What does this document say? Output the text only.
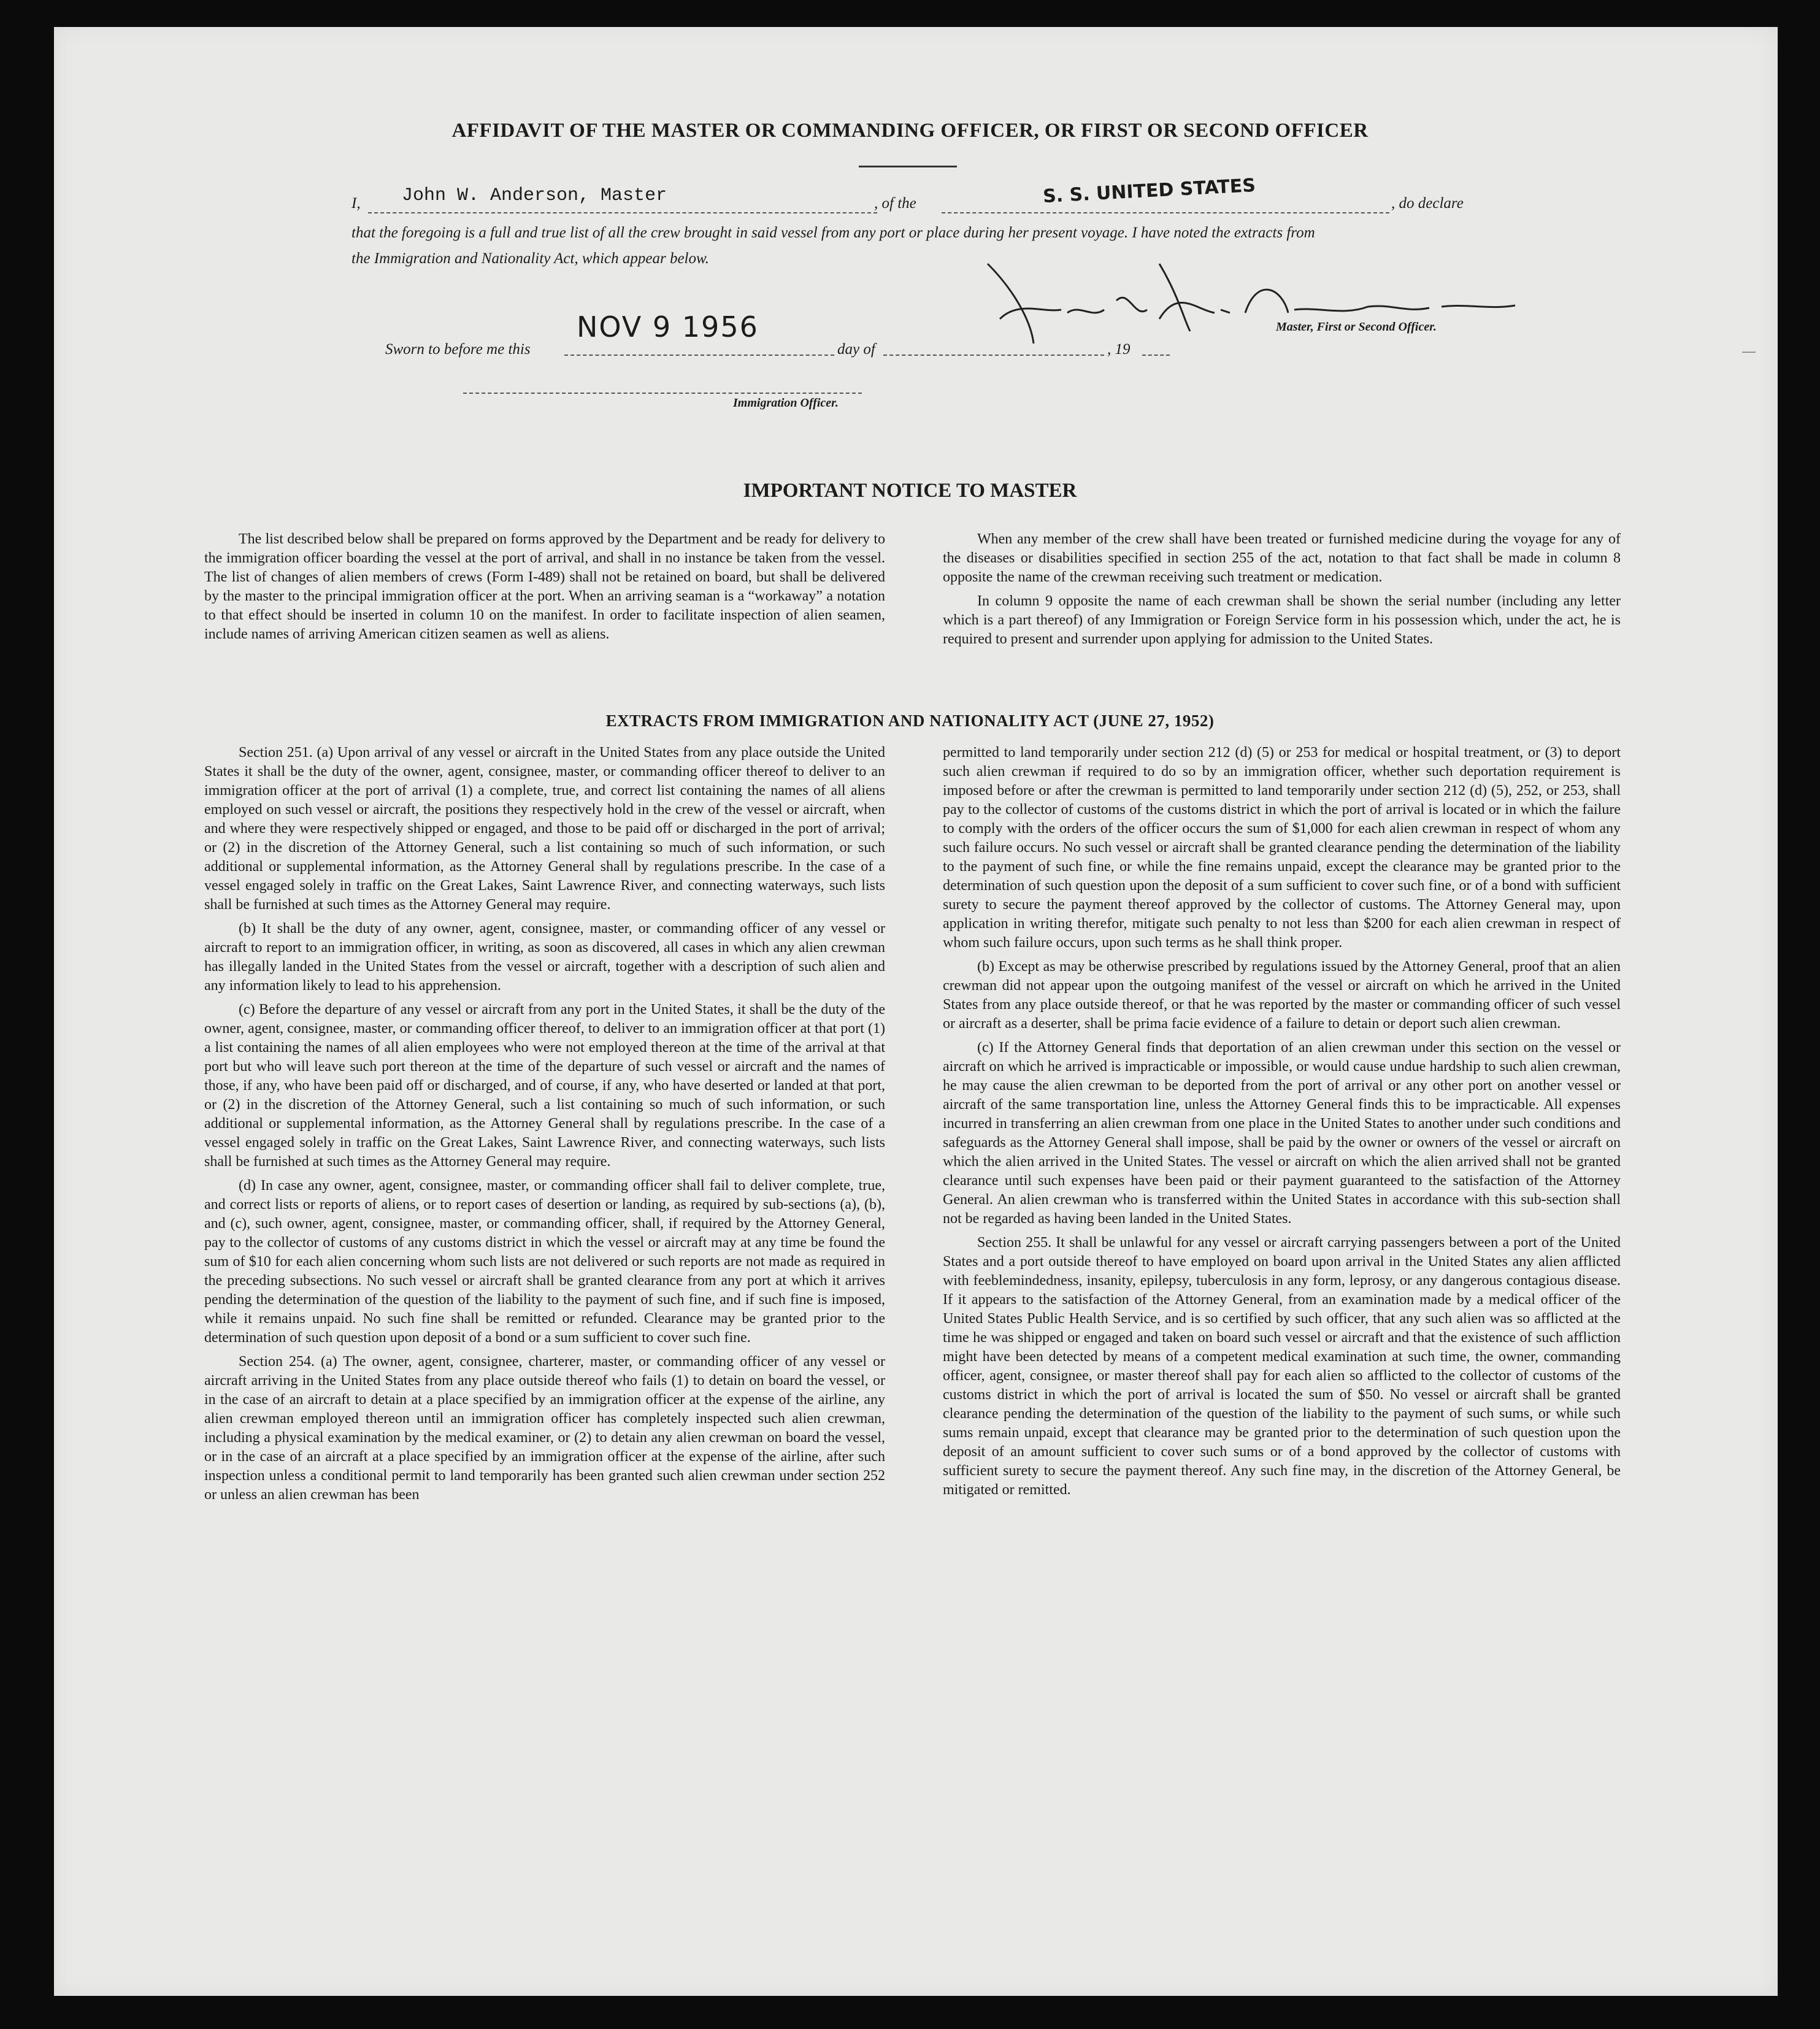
—
AFFIDAVIT OF THE MASTER OR COMMANDING OFFICER, OR FIRST OR SECOND OFFICER
I, John W. Anderson, Master	, of the	S. S. UNITED STATES	, do declare
that the foregoing is a full and true list of all the crew brought in said vessel from any port or place during her present voyage. I have noted the extracts from
the Immigration and Nationality Act, which appear below.
Master, First or Second Officer.
Sworn to before me this
NOV 9 1956
day of	, 19
Immigration Officer.
IMPORTANT NOTICE TO MASTER

The list described below shall be prepared on forms approved by the Department and be ready for delivery to the immigration officer boarding the vessel at the port of arrival, and shall in no instance be taken from the vessel. The list of changes of alien members of crews (Form I-489) shall not be retained on board, but shall be delivered by the master to the principal immigration officer at the port. When an arriving seaman is a “workaway” a notation to that effect should be inserted in column 10 on the manifest. In order to facilitate inspection of alien seamen, include names of arriving American citizen seamen as well as aliens.

When any member of the crew shall have been treated or furnished medicine during the voyage for any of the diseases or disabilities specified in section 255 of the act, notation to that fact shall be made in column 8 opposite the name of the crewman receiving such treatment or medication.

In column 9 opposite the name of each crewman shall be shown the serial number (including any letter which is a part thereof) of any Immigration or Foreign Service form in his possession which, under the act, he is required to present and surrender upon applying for admission to the United States.

EXTRACTS FROM IMMIGRATION AND NATIONALITY ACT (JUNE 27, 1952)

Section 251. (a) Upon arrival of any vessel or aircraft in the United States from any place outside the United States it shall be the duty of the owner, agent, consignee, master, or commanding officer thereof to deliver to an immigration officer at the port of arrival (1) a complete, true, and correct list containing the names of all aliens employed on such vessel or aircraft, the positions they respectively hold in the crew of the vessel or aircraft, when and where they were respectively shipped or engaged, and those to be paid off or discharged in the port of arrival; or (2) in the discretion of the Attorney General, such a list containing so much of such information, or such additional or supplemental information, as the Attorney General shall by regulations prescribe. In the case of a vessel engaged solely in traffic on the Great Lakes, Saint Lawrence River, and connecting waterways, such lists shall be furnished at such times as the Attorney General may require.

(b) It shall be the duty of any owner, agent, consignee, master, or commanding officer of any vessel or aircraft to report to an immigration officer, in writing, as soon as discovered, all cases in which any alien crewman has illegally landed in the United States from the vessel or aircraft, together with a description of such alien and any information likely to lead to his apprehension.

(c) Before the departure of any vessel or aircraft from any port in the United States, it shall be the duty of the owner, agent, consignee, master, or commanding officer thereof, to deliver to an immigration officer at that port (1) a list containing the names of all alien employees who were not employed thereon at the time of the arrival at that port but who will leave such port thereon at the time of the departure of such vessel or aircraft and the names of those, if any, who have been paid off or discharged, and of course, if any, who have deserted or landed at that port, or (2) in the discretion of the Attorney General, such a list containing so much of such information, or such additional or supplemental information, as the Attorney General shall by regulations prescribe. In the case of a vessel engaged solely in traffic on the Great Lakes, Saint Lawrence River, and connecting waterways, such lists shall be furnished at such times as the Attorney General may require.

(d) In case any owner, agent, consignee, master, or commanding officer shall fail to deliver complete, true, and correct lists or reports of aliens, or to report cases of desertion or landing, as required by sub-sections (a), (b), and (c), such owner, agent, consignee, master, or commanding officer, shall, if required by the Attorney General, pay to the collector of customs of any customs district in which the vessel or aircraft may at any time be found the sum of $10 for each alien concerning whom such lists are not delivered or such reports are not made as required in the preceding subsections. No such vessel or aircraft shall be granted clearance from any port at which it arrives pending the determination of the question of the liability to the payment of such fine, and if such fine is imposed, while it remains unpaid. No such fine shall be remitted or refunded. Clearance may be granted prior to the determination of such question upon deposit of a bond or a sum sufficient to cover such fine.

Section 254. (a) The owner, agent, consignee, charterer, master, or commanding officer of any vessel or aircraft arriving in the United States from any place outside thereof who fails (1) to detain on board the vessel, or in the case of an aircraft to detain at a place specified by an immigration officer at the expense of the airline, any alien crewman employed thereon until an immigration officer has completely inspected such alien crewman, including a physical examination by the medical examiner, or (2) to detain any alien crewman on board the vessel, or in the case of an aircraft at a place specified by an immigration officer at the expense of the airline, after such inspection unless a conditional permit to land temporarily has been granted such alien crewman under section 252 or unless an alien crewman has been

permitted to land temporarily under section 212 (d) (5) or 253 for medical or hospital treatment, or (3) to deport such alien crewman if required to do so by an immigration officer, whether such deportation requirement is imposed before or after the crewman is permitted to land temporarily under section 212 (d) (5), 252, or 253, shall pay to the collector of customs of the customs district in which the port of arrival is located or in which the failure to comply with the orders of the officer occurs the sum of $1,000 for each alien crewman in respect of whom any such failure occurs. No such vessel or aircraft shall be granted clearance pending the determination of the liability to the payment of such fine, or while the fine remains unpaid, except the clearance may be granted prior to the determination of such question upon the deposit of a sum sufficient to cover such fine, or of a bond with sufficient surety to secure the payment thereof approved by the collector of customs. The Attorney General may, upon application in writing therefor, mitigate such penalty to not less than $200 for each alien crewman in respect of whom such failure occurs, upon such terms as he shall think proper.

(b) Except as may be otherwise prescribed by regulations issued by the Attorney General, proof that an alien crewman did not appear upon the outgoing manifest of the vessel or aircraft on which he arrived in the United States from any place outside thereof, or that he was reported by the master or commanding officer of such vessel or aircraft as a deserter, shall be prima facie evidence of a failure to detain or deport such alien crewman.

(c) If the Attorney General finds that deportation of an alien crewman under this section on the vessel or aircraft on which he arrived is impracticable or impossible, or would cause undue hardship to such alien crewman, he may cause the alien crewman to be deported from the port of arrival or any other port on another vessel or aircraft of the same transportation line, unless the Attorney General finds this to be impracticable. All expenses incurred in transferring an alien crewman from one place in the United States to another under such conditions and safeguards as the Attorney General shall impose, shall be paid by the owner or owners of the vessel or aircraft on which the alien arrived in the United States. The vessel or aircraft on which the alien arrived shall not be granted clearance until such expenses have been paid or their payment guaranteed to the satisfaction of the Attorney General. An alien crewman who is transferred within the United States in accordance with this sub-section shall not be regarded as having been landed in the United States.

Section 255. It shall be unlawful for any vessel or aircraft carrying passengers between a port of the United States and a port outside thereof to have employed on board upon arrival in the United States any alien afflicted with feeblemindedness, insanity, epilepsy, tuberculosis in any form, leprosy, or any dangerous contagious disease. If it appears to the satisfaction of the Attorney General, from an examination made by a medical officer of the United States Public Health Service, and is so certified by such officer, that any such alien was so afflicted at the time he was shipped or engaged and taken on board such vessel or aircraft and that the existence of such affliction might have been detected by means of a competent medical examination at such time, the owner, commanding officer, agent, consignee, or master thereof shall pay for each alien so afflicted to the collector of customs of the customs district in which the port of arrival is located the sum of $50. No vessel or aircraft shall be granted clearance pending the determination of the question of the liability to the payment of such sums, or while such sums remain unpaid, except that clearance may be granted prior to the determination of such question upon the deposit of an amount sufficient to cover such sums or of a bond approved by the collector of customs with sufficient surety to secure the payment thereof. Any such fine may, in the discretion of the Attorney General, be mitigated or remitted.
